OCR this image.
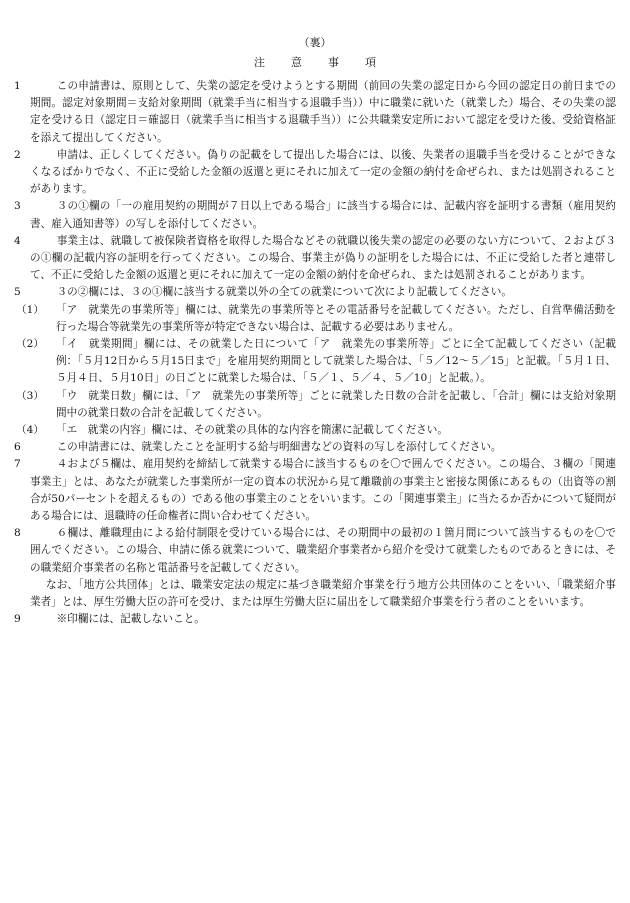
（裏）
注意事項
1	　この申請書は、原則として、失業の認定を受けようとする期間（前回の失業の認定日から今回の認定日の前日までの期間。認定対象期間＝支給対象期間（就業手当に相当する退職手当））中に職業に就いた（就業した）場合、その失業の認定を受ける日（認定日＝確認日（就業手当に相当する退職手当））に公共職業安定所において認定を受けた後、受給資格証を添えて提出してください。
2	　申請は、正しくしてください。偽りの記載をして提出した場合には、以後、失業者の退職手当を受けることができなくなるばかりでなく、不正に受給した金額の返還と更にそれに加えて一定の金額の納付を命ぜられ、または処罰されることがあります。
3	　３の①欄の「一の雇用契約の期間が７日以上である場合」に該当する場合には、記載内容を証明する書類（雇用契約書、雇入通知書等）の写しを添付してください。
4	　事業主は、就職して被保険者資格を取得した場合などその就職以後失業の認定の必要のない方について、２および３の①欄の記載内容の証明を行ってください。この場合、事業主が偽りの証明をした場合には、不正に受給した者と連帯して、不正に受給した金額の返還と更にそれに加えて一定の金額の納付を命ぜられ、または処罰されることがあります。
5	　３の②欄には、３の①欄に該当する就業以外の全ての就業について次により記載してください。
（1）	「ア　就業先の事業所等」欄には、就業先の事業所等とその電話番号を記載してください。ただし、自営準備活動を行った場合等就業先の事業所等が特定できない場合は、記載する必要はありません。
（2）	「イ　就業期間」欄には、その就業した日について「ア　就業先の事業所等」ごとに全て記載してください（記載例：「５月12日から５月15日まで」を雇用契約期間として就業した場合は、「５／12～５／15」と記載。「５月１日、５月４日、５月10日」の日ごとに就業した場合は、「５／１、５／４、５／10」と記載。）。
（3）	「ウ　就業日数」欄には、「ア　就業先の事業所等」ごとに就業した日数の合計を記載し、「合計」欄には支給対象期間中の就業日数の合計を記載してください。
（4）	「エ　就業の内容」欄には、その就業の具体的な内容を簡潔に記載してください。
6	　この申請書には、就業したことを証明する給与明細書などの資料の写しを添付してください。
7	　４および５欄は、雇用契約を締結して就業する場合に該当するものを〇で囲んでください。この場合、３欄の「関連事業主」とは、あなたが就業した事業所が一定の資本の状況から見て離職前の事業主と密接な関係にあるもの（出資等の割合が50パーセントを超えるもの）である他の事業主のことをいいます。この「関連事業主」に当たるか否かについて疑問がある場合には、退職時の任命権者に問い合わせてください。
8	　６欄は、離職理由による給付制限を受けている場合には、その期間中の最初の１箇月間について該当するものを〇で囲んでください。この場合、申請に係る就業について、職業紹介事業者から紹介を受けて就業したものであるときには、その職業紹介事業者の名称と電話番号を記載してください。
なお、「地方公共団体」とは、職業安定法の規定に基づき職業紹介事業を行う地方公共団体のことをいい、「職業紹介事業者」とは、厚生労働大臣の許可を受け、または厚生労働大臣に届出をして職業紹介事業を行う者のことをいいます。
9	　※印欄には、記載しないこと。
